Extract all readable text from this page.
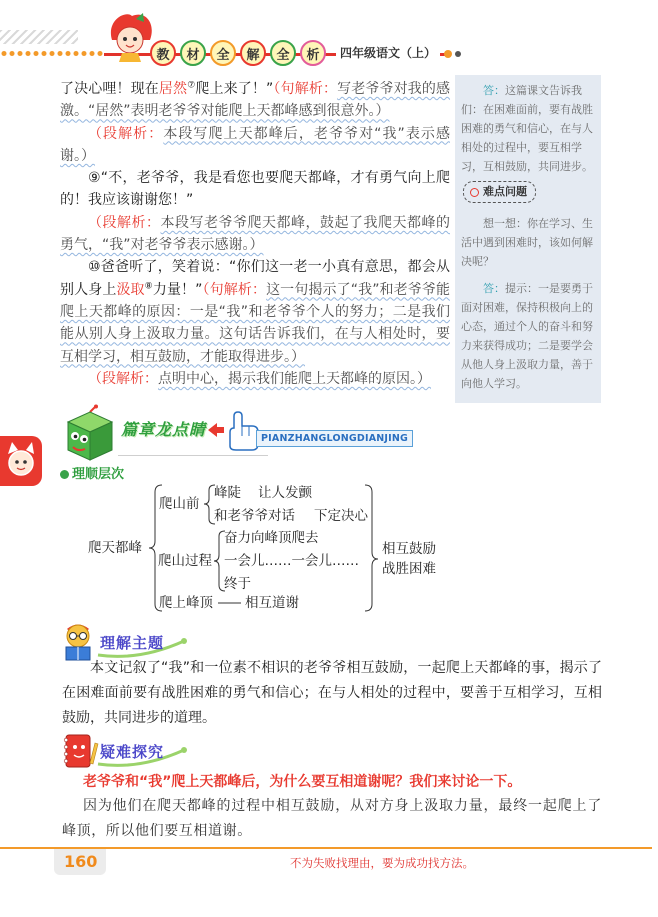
教	材	全	解	全	析	四年级语文（上）

了决心哩！现在居然⑦爬上来了！”（句解析：写老爷爷对我的感激。“居然”表明老爷爷对能爬上天都峰感到很意外。）

（段解析：本段写爬上天都峰后，老爷爷对“我”表示感谢。）

⑨“不，老爷爷，我是看您也要爬天都峰，才有勇气向上爬的！我应该谢谢您！”

（段解析：本段写老爷爷爬天都峰，鼓起了我爬天都峰的勇气，“我”对老爷爷表示感谢。）

⑩爸爸听了，笑着说：“你们这一老一小真有意思，都会从别人身上汲取⑧力量！”（句解析：这一句揭示了“我”和老爷爷能爬上天都峰的原因：一是“我”和老爷爷个人的努力；二是我们能从别人身上汲取力量。这句话告诉我们，在与人相处时，要互相学习，相互鼓励，才能取得进步。）

（段解析：点明中心，揭示我们能爬上天都峰的原因。）

答：这篇课文告诉我们：在困难面前，要有战胜困难的勇气和信心，在与人相处的过程中，要互相学习，互相鼓励，共同进步。

难点问题

想一想：你在学习、生活中遇到困难时，该如何解决呢？

答：提示：一是要勇于面对困难，保持积极向上的心态，通过个人的奋斗和努力来获得成功；二是要学会从他人身上汲取力量，善于向他人学习。

篇章龙点睛	PIANZHANGLONGDIANJING
理顺层次
爬天都峰
爬山前
峰陡 让人发颤
和老爷爷对话 下定决心
爬山过程
奋力向峰顶爬去
一会儿……一会儿……
终于
相互鼓励
战胜困难
爬上峰顶 相互道谢
理解主题

本文记叙了“我”和一位素不相识的老爷爷相互鼓励，一起爬上天都峰的事，揭示了在困难面前要有战胜困难的勇气和信心；在与人相处的过程中，要善于互相学习，互相鼓励，共同进步的道理。

疑难探究

老爷爷和“我”爬上天都峰后，为什么要互相道谢呢？我们来讨论一下。

因为他们在爬天都峰的过程中相互鼓励，从对方身上汲取力量，最终一起爬上了峰顶，所以他们要互相道谢。

160	不为失败找理由，要为成功找方法。
